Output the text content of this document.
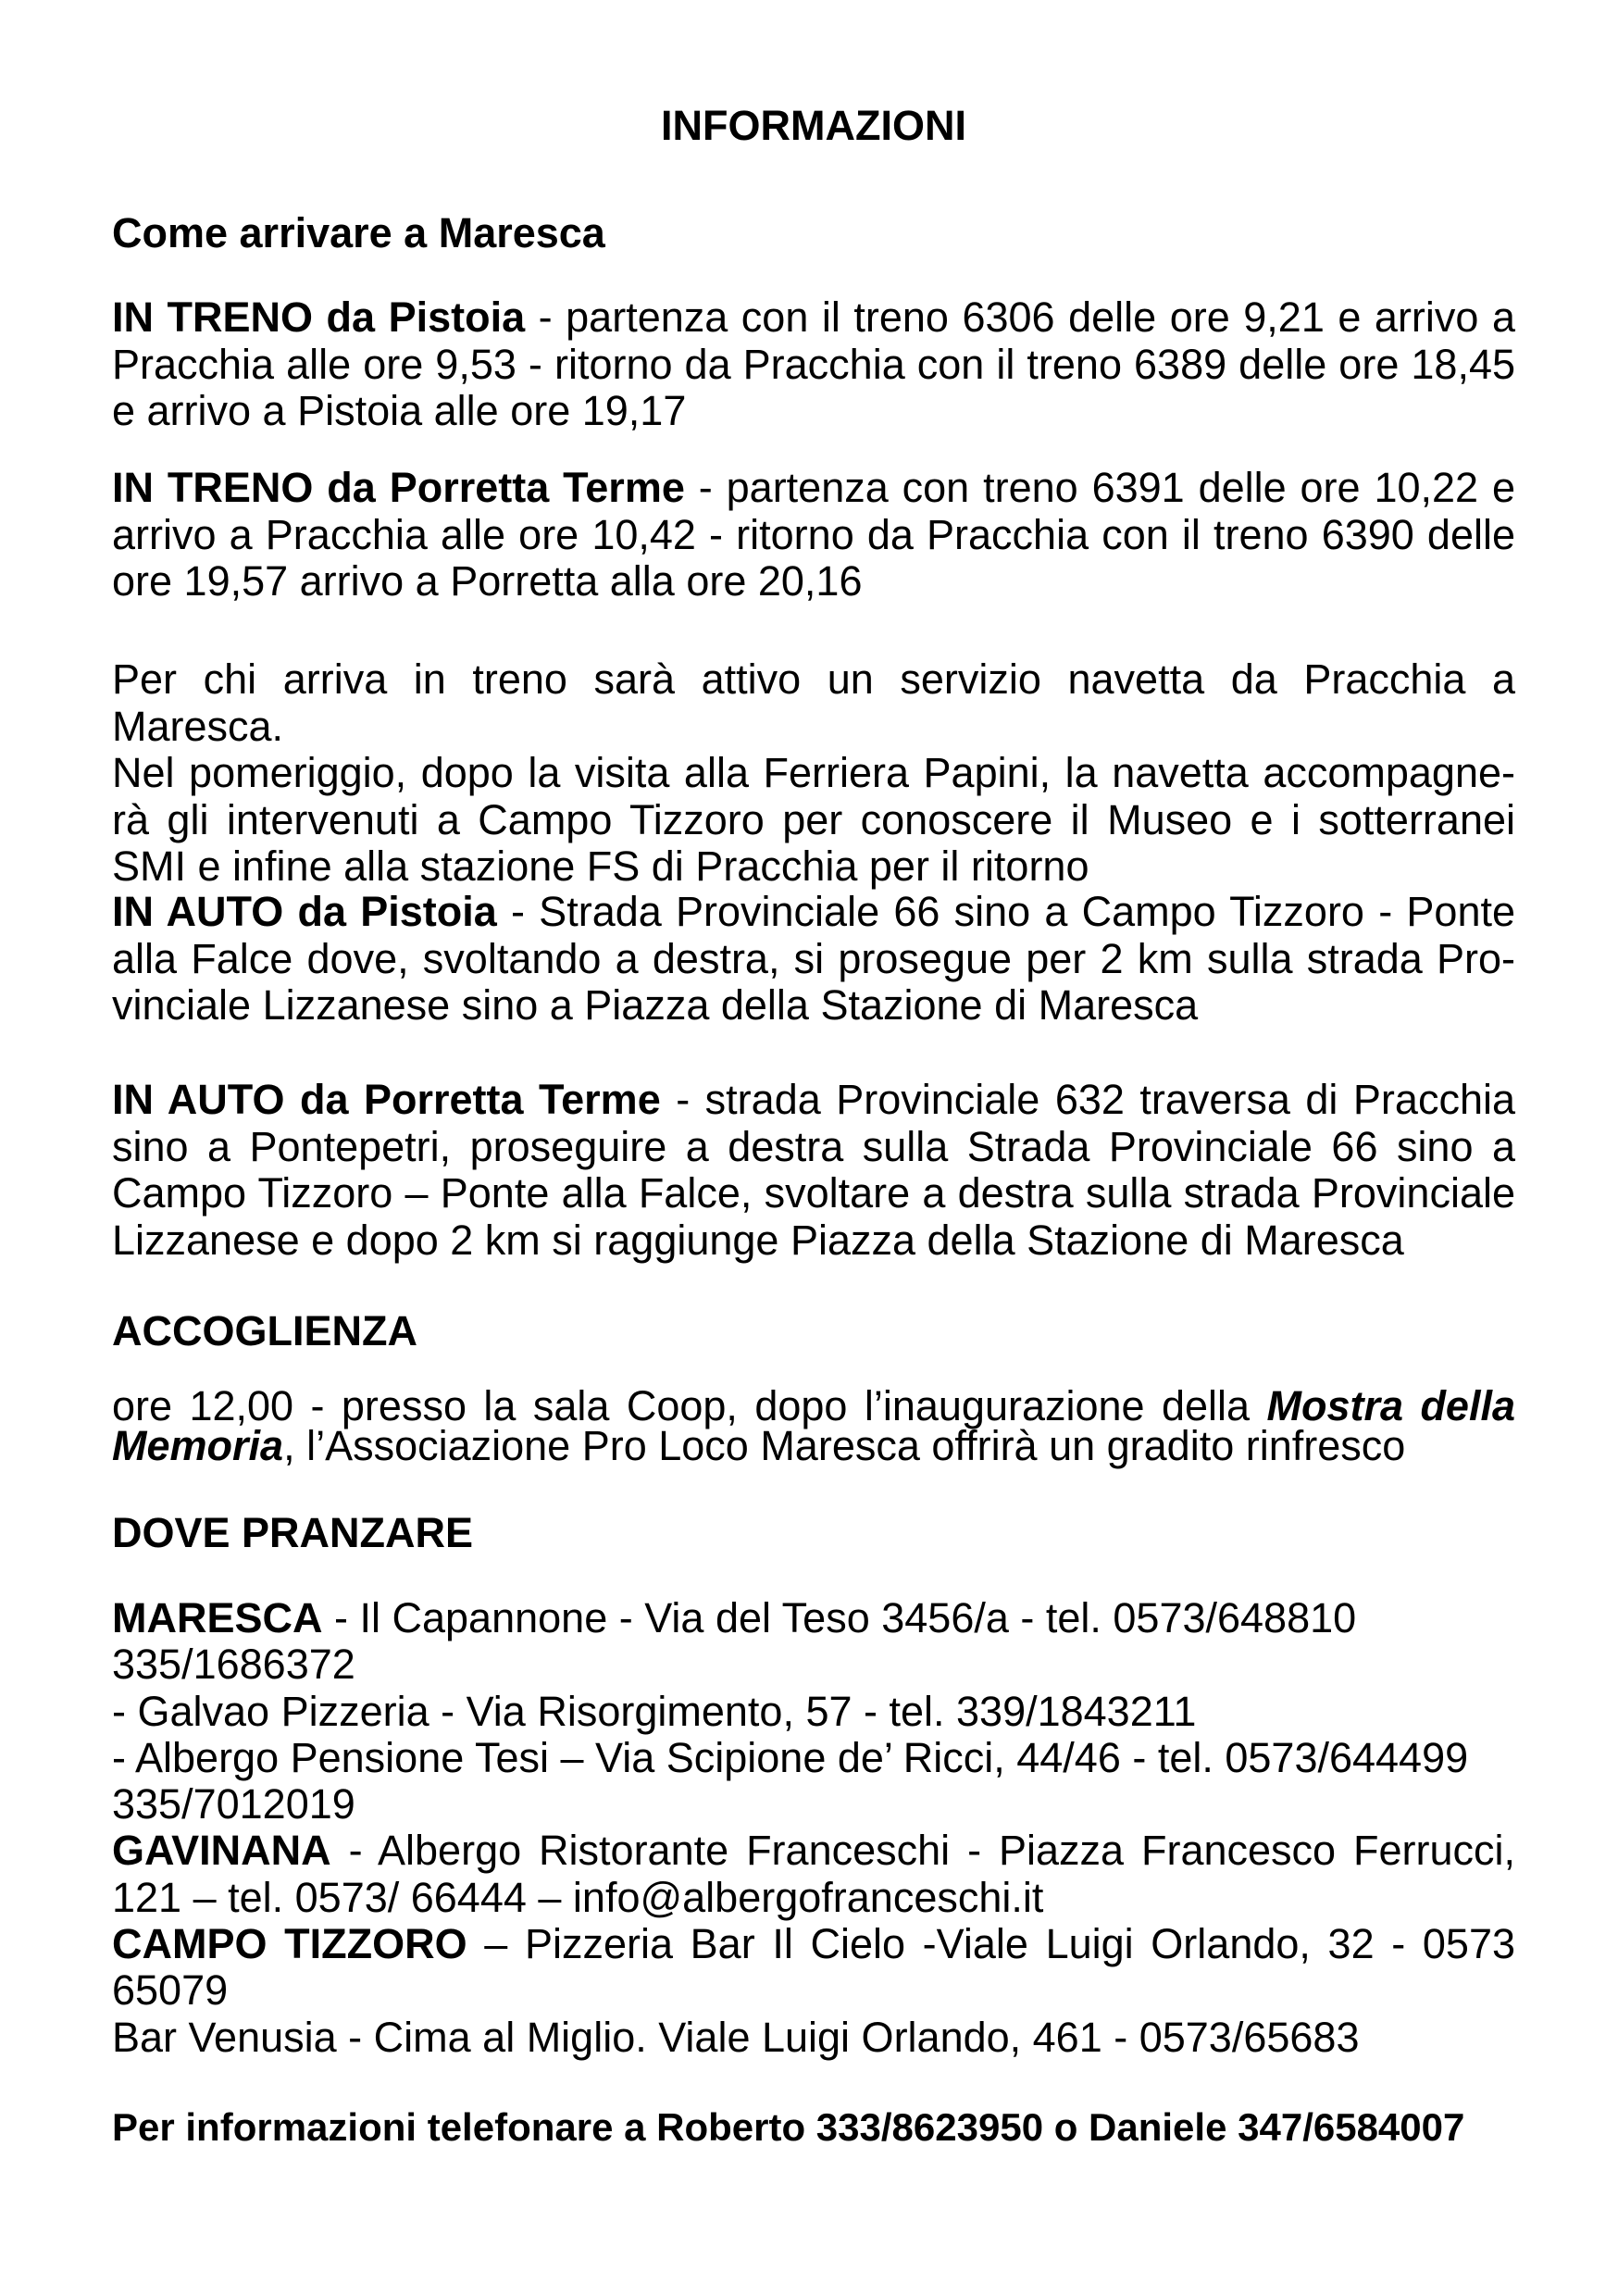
INFORMAZIONI
Come arrivare a Maresca
IN TRENO da Pistoia - partenza con il treno 6306 delle ore 9,21 e arrivo a
Pracchia alle ore 9,53 - ritorno da Pracchia con il treno 6389 delle ore 18,45
e arrivo a Pistoia alle ore 19,17
IN TRENO da Porretta Terme - partenza con treno 6391 delle ore 10,22 e
arrivo a Pracchia alle ore 10,42 - ritorno da Pracchia con il treno 6390 delle
ore 19,57 arrivo a Porretta alla ore 20,16
Per chi arriva in treno sarà attivo un servizio navetta da Pracchia a Maresca.
Nel pomeriggio, dopo la visita alla Ferriera Papini, la navetta accompagne-
rà gli intervenuti a Campo Tizzoro per conoscere il Museo e i sotterranei
SMI e infine alla stazione FS di Pracchia per il ritorno
IN AUTO da Pistoia - Strada Provinciale 66 sino a Campo Tizzoro - Ponte
alla Falce dove, svoltando a destra, si prosegue per 2 km sulla strada Pro-
vinciale Lizzanese sino a Piazza della Stazione di Maresca
IN AUTO da Porretta Terme - strada Provinciale 632 traversa di Pracchia
sino a Pontepetri, proseguire a destra sulla Strada Provinciale 66 sino a
Campo Tizzoro – Ponte alla Falce, svoltare a destra sulla strada Provinciale
Lizzanese e dopo 2 km si raggiunge Piazza della Stazione di Maresca
ACCOGLIENZA
ore 12,00 - presso la sala Coop, dopo l’inaugurazione della Mostra della
Memoria, l’Associazione Pro Loco Maresca offrirà un gradito rinfresco
DOVE PRANZARE
MARESCA - Il Capannone - Via del Teso 3456/a - tel. 0573/648810
335/1686372
- Galvao Pizzeria - Via Risorgimento, 57 - tel. 339/1843211
- Albergo Pensione Tesi – Via Scipione de’ Ricci, 44/46 - tel. 0573/644499
335/7012019
GAVINANA - Albergo Ristorante Franceschi - Piazza Francesco Ferrucci,
121 – tel. 0573/ 66444 – info@albergofranceschi.it
CAMPO TIZZORO – Pizzeria Bar Il Cielo -Viale Luigi Orlando, 32 - 0573
65079
Bar Venusia - Cima al Miglio. Viale Luigi Orlando, 461 - 0573/65683
Per informazioni telefonare a Roberto 333/8623950 o Daniele 347/6584007
